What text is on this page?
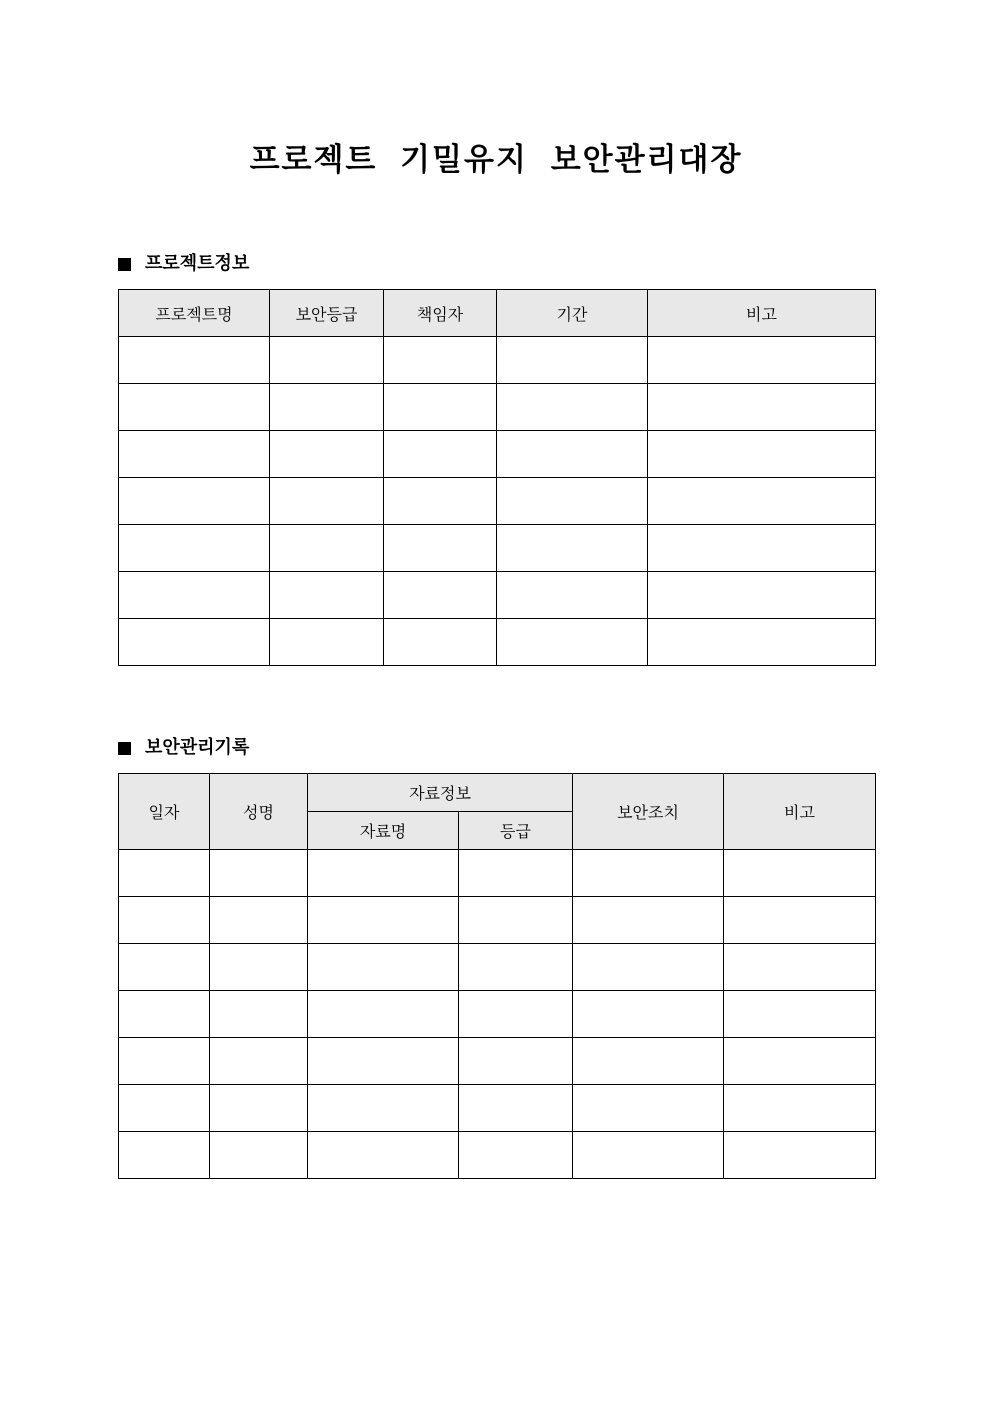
프로젝트 기밀유지 보안관리대장
프로젝트정보
프로젝트명	보안등급	책임자	기간	비고

보안관리기록
일자	성명	자료정보		보안조치	비고
		자료명	등급		
